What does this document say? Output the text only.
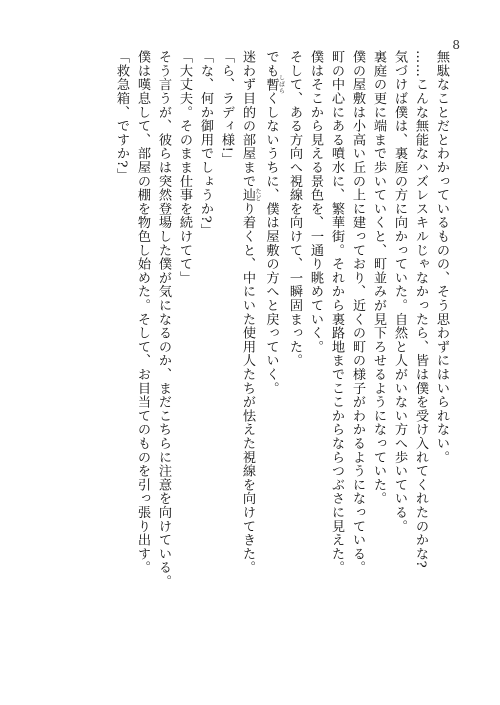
8
無駄なことだとわかっているものの、そう思わずにはいられない。
……こんな無能なハズレスキルじゃなかったら、皆は僕を受け入れてくれたのかな?
気づけば僕は、裏庭の方に向かっていた。自然と人がいない方へ歩いている。
裏庭の更に端まで歩いていくと、町並みが見下ろせるようになっていた。
僕の屋敷は小高い丘の上に建っており、近くの町の様子がわかるようになっている。
町の中心にある噴水に、繁華街。それから裏路地までここからならつぶさに見えた。
僕はそこから見える景色を、一通り眺めていく。
そして、ある方向へ視線を向けて、一瞬固まった。
でも暫 しばらくしないうちに、僕は屋敷の方へと戻っていく。
迷わず目的の部屋まで辿 たどり着くと、中にいた使用人たちが怯えた視線を向けてきた。
「ら、ラディ様!」
「な、何か御用でしょうか?」
「大丈夫。そのまま仕事を続けてて」
そう言うが、彼らは突然登場した僕が気になるのか、まだこちらに注意を向けている。
僕は嘆息して、部屋の棚を物色し始めた。そして、お目当てのものを引っ張り出す。
「救急箱、ですか?」
